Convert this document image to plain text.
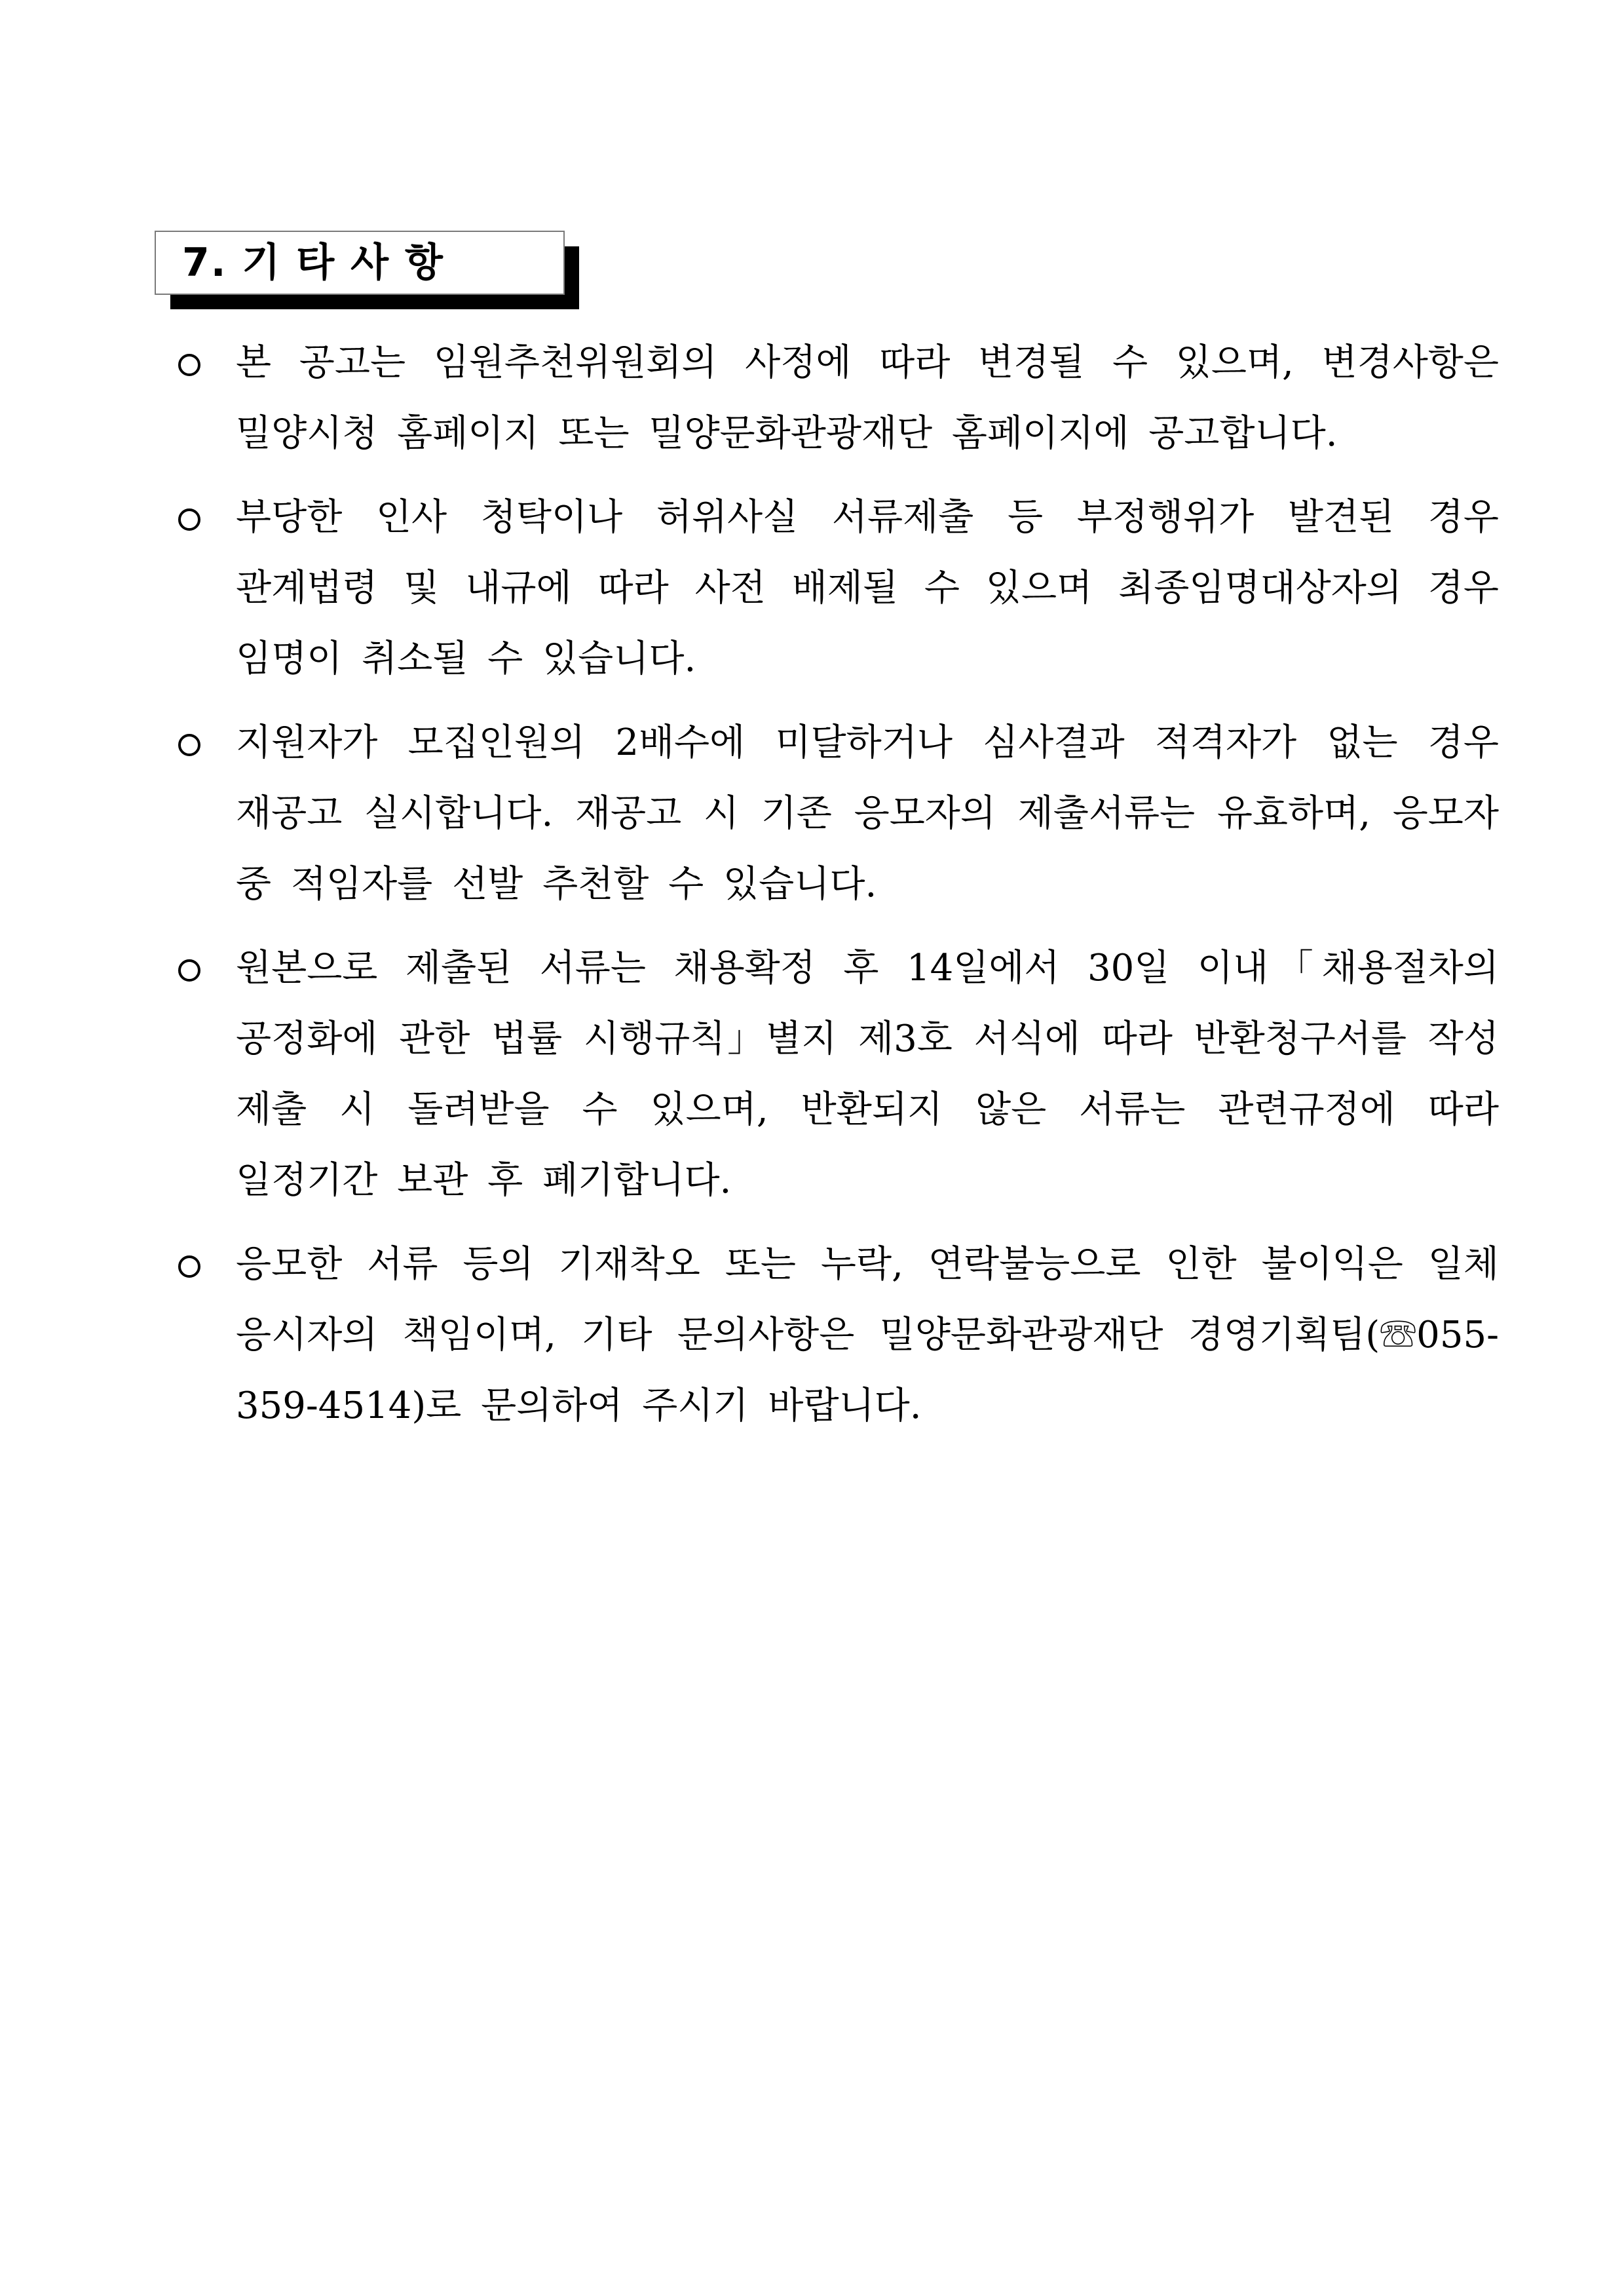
7. 기 타 사 항
본 공고는 임원추천위원회의 사정에 따라 변경될 수 있으며, 변경사항은 밀양시청 홈페이지 또는 밀양문화관광재단 홈페이지에 공고합니다.
부당한 인사 청탁이나 허위사실 서류제출 등 부정행위가 발견된 경우 관계법령 및 내규에 따라 사전 배제될 수 있으며 최종임명대상자의 경우 임명이 취소될 수 있습니다.
지원자가 모집인원의 2배수에 미달하거나 심사결과 적격자가 없는 경우 재공고 실시합니다. 재공고 시 기존 응모자의 제출서류는 유효하며, 응모자 중 적임자를 선발 추천할 수 있습니다.
원본으로 제출된 서류는 채용확정 후 14일에서 30일 이내「채용절차의 공정화에 관한 법률 시행규칙」별지 제3호 서식에 따라 반환청구서를 작성 제출 시 돌려받을 수 있으며, 반환되지 않은 서류는 관련규정에 따라 일정기간 보관 후 폐기합니다.
응모한 서류 등의 기재착오 또는 누락, 연락불능으로 인한 불이익은 일체 응시자의 책임이며, 기타 문의사항은 밀양문화관광재단 경영기획팀(☏055-359-4514)로 문의하여 주시기 바랍니다.
